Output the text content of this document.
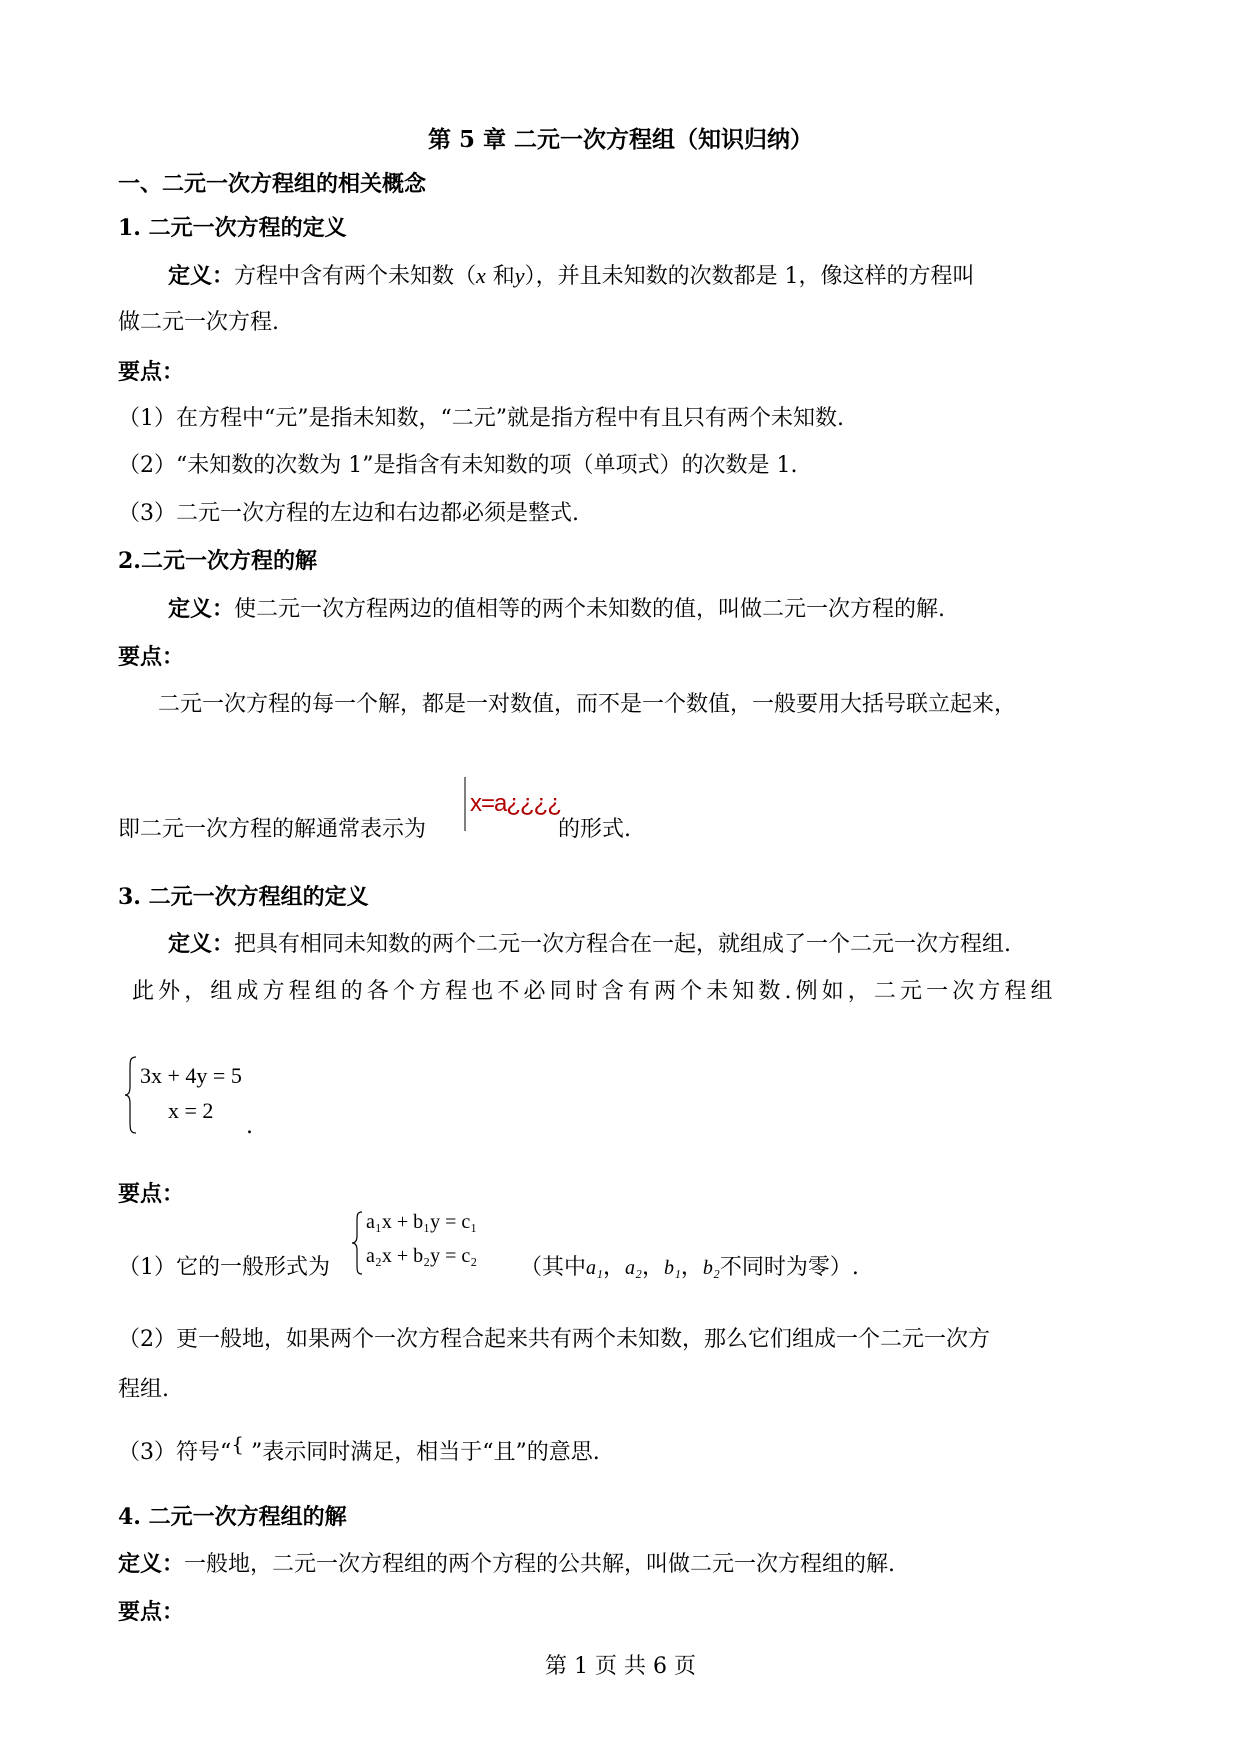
第 5 章 二元一次方程组（知识归纳）
一、二元一次方程组的相关概念
1. 二元一次方程的定义
定义：方程中含有两个未知数（x 和y），并且未知数的次数都是 1，像这样的方程叫
做二元一次方程.
要点：
（1）在方程中“元”是指未知数，“二元”就是指方程中有且只有两个未知数.
（2）“未知数的次数为 1”是指含有未知数的项（单项式）的次数是 1.
（3）二元一次方程的左边和右边都必须是整式.
2.二元一次方程的解
定义：使二元一次方程两边的值相等的两个未知数的值，叫做二元一次方程的解.
要点：
二元一次方程的每一个解，都是一对数值，而不是一个数值，一般要用大括号联立起来，
即二元一次方程的解通常表示为
x=a¿¿¿¿
的形式.
3. 二元一次方程组的定义
定义：把具有相同未知数的两个二元一次方程合在一起，就组成了一个二元一次方程组.
此外，组成方程组的各个方程也不必同时含有两个未知数.例如，二元一次方程组
3x + 4y = 5
x = 2
.
要点：
a₁x + b₁y = c₁
a₂x + b₂y = c₂
（1）它的一般形式为	（其中a₁，a₂，b₁，b₂不同时为零）.
（2）更一般地，如果两个一次方程合起来共有两个未知数，那么它们组成一个二元一次方
程组.
（3）符号“{ ”表示同时满足，相当于“且”的意思.
4. 二元一次方程组的解
定义：一般地，二元一次方程组的两个方程的公共解，叫做二元一次方程组的解.
要点：
第 1 页 共 6 页
